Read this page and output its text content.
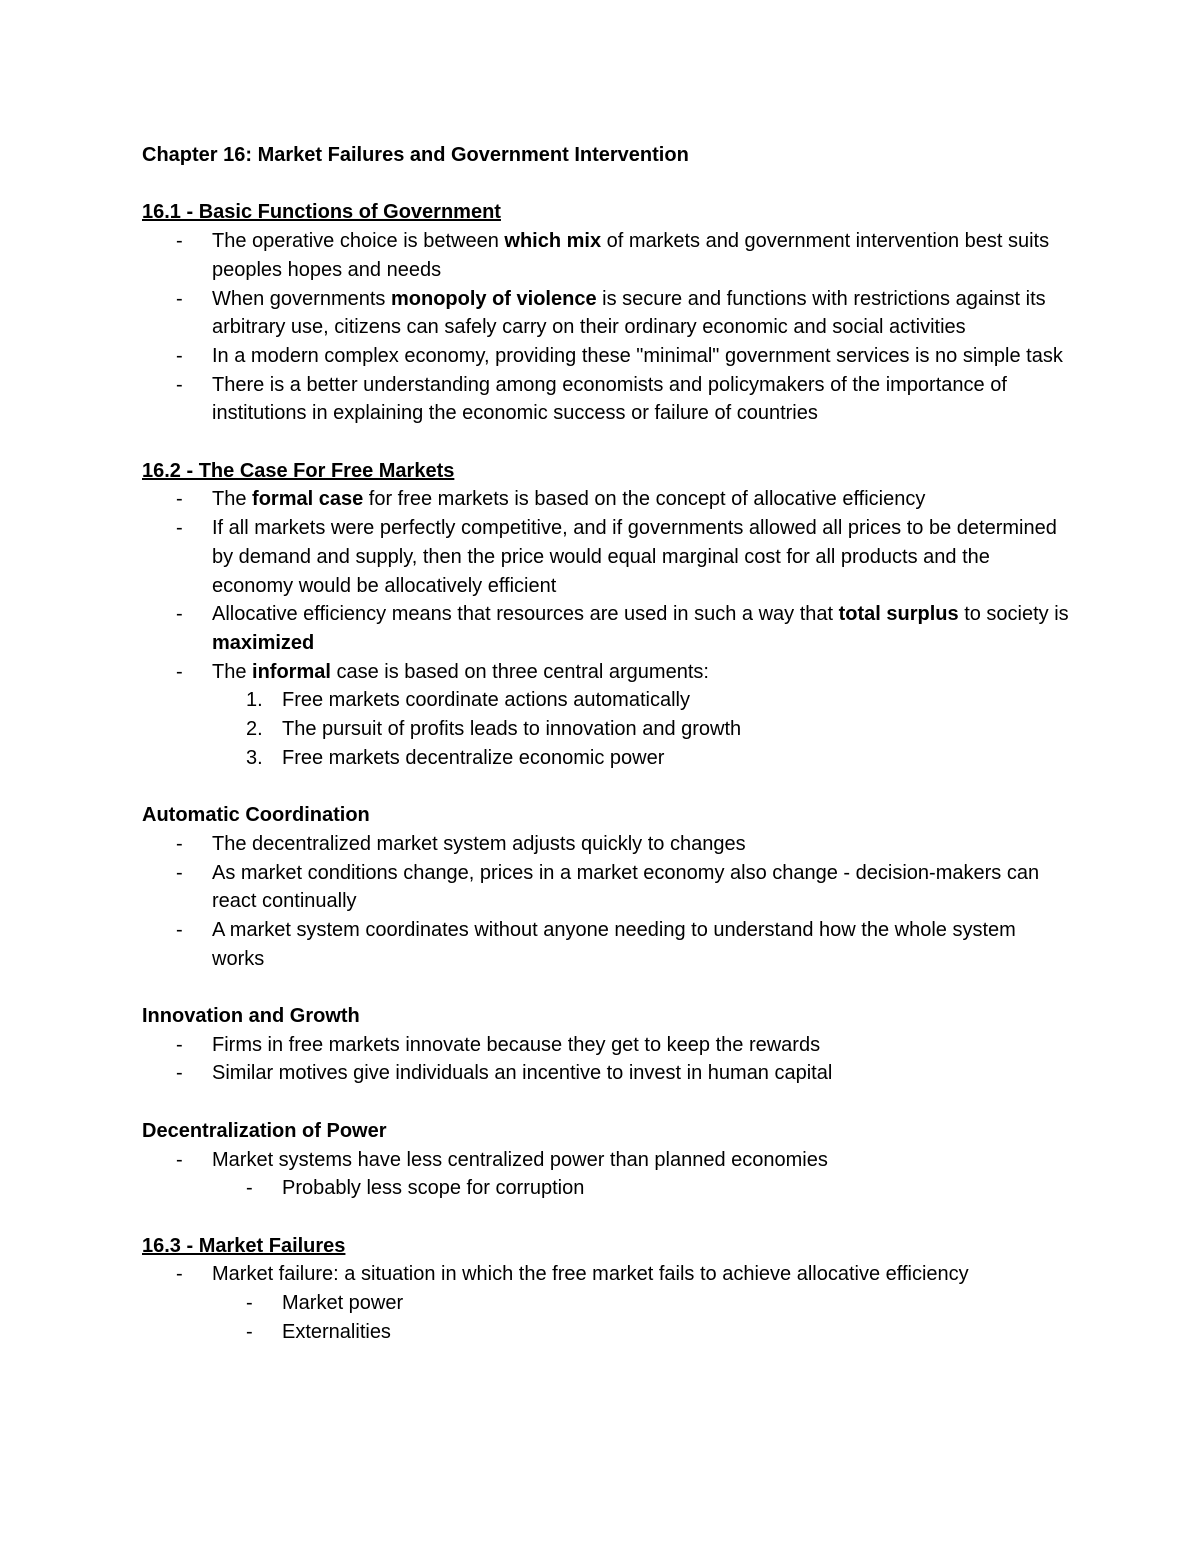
Chapter 16: Market Failures and Government Intervention
16.1 - Basic Functions of Government
- The operative choice is between which mix of markets and government intervention best suits peoples hopes and needs
- When governments monopoly of violence is secure and functions with restrictions against its arbitrary use, citizens can safely carry on their ordinary economic and social activities
- In a modern complex economy, providing these "minimal" government services is no simple task
- There is a better understanding among economists and policymakers of the importance of institutions in explaining the economic success or failure of countries
16.2 - The Case For Free Markets
- The formal case for free markets is based on the concept of allocative efficiency
- If all markets were perfectly competitive, and if governments allowed all prices to be determined by demand and supply, then the price would equal marginal cost for all products and the economy would be allocatively efficient
- Allocative efficiency means that resources are used in such a way that total surplus to society is maximized
- The informal case is based on three central arguments:
1. Free markets coordinate actions automatically
2. The pursuit of profits leads to innovation and growth
3. Free markets decentralize economic power
Automatic Coordination
- The decentralized market system adjusts quickly to changes
- As market conditions change, prices in a market economy also change - decision-makers can react continually
- A market system coordinates without anyone needing to understand how the whole system works
Innovation and Growth
- Firms in free markets innovate because they get to keep the rewards
- Similar motives give individuals an incentive to invest in human capital
Decentralization of Power
- Market systems have less centralized power than planned economies
- Probably less scope for corruption
16.3 - Market Failures
- Market failure: a situation in which the free market fails to achieve allocative efficiency
- Market power
- Externalities
